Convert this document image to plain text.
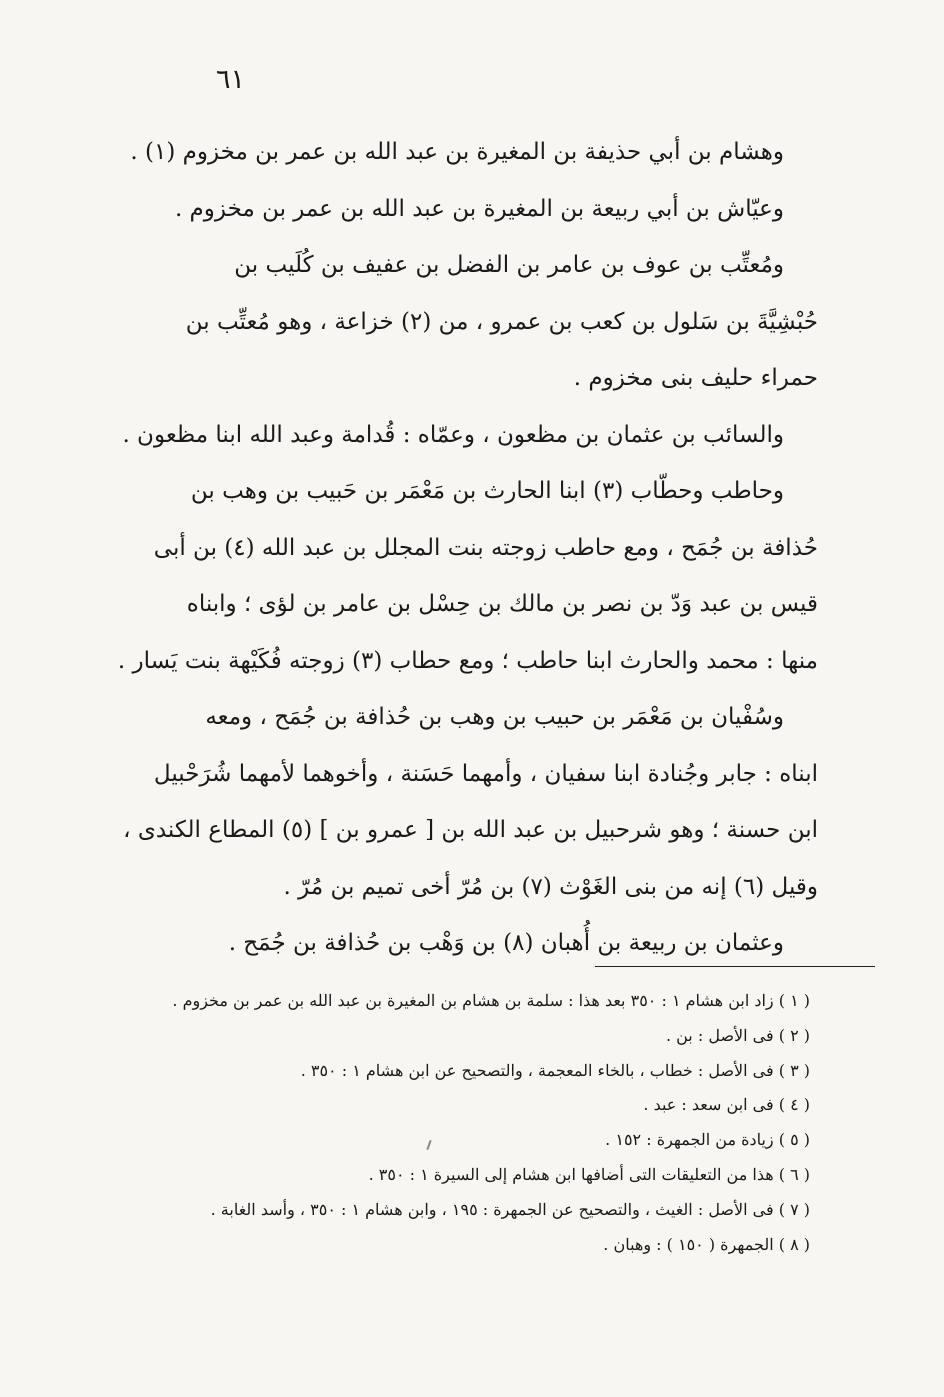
٦١
وهشام بن أبي حذيفة بن المغيرة بن عبد الله بن عمر بن مخزوم (١) .
وعيّاش بن أبي ربيعة بن المغيرة بن عبد الله بن عمر بن مخزوم .
ومُعتِّب بن عوف بن عامر بن الفضل بن عفيف بن كُلَيب بن
حُبْشِيَّةَ بن سَلول بن كعب بن عمرو ، من (٢) خزاعة ، وهو مُعتِّب بن
حمراء حليف بنى مخزوم .
والسائب بن عثمان بن مظعون ، وعمّاه : قُدامة وعبد الله ابنا مظعون .
وحاطب وحطّاب (٣) ابنا الحارث بن مَعْمَر بن حَبيب بن وهب بن
حُذافة بن جُمَح ، ومع حاطب زوجته بنت المجلل بن عبد الله (٤) بن أبى
قيس بن عبد وَدّ بن نصر بن مالك بن حِسْل بن عامر بن لؤى ؛ وابناه
منها : محمد والحارث ابنا حاطب ؛ ومع حطاب (٣) زوجته فُكَيْهة بنت يَسار .
وسُفْيان بن مَعْمَر بن حبيب بن وهب بن حُذافة بن جُمَح ، ومعه
ابناه : جابر وجُنادة ابنا سفيان ، وأمهما حَسَنة ، وأخوهما لأمهما شُرَحْبيل
ابن حسنة ؛ وهو شرحبيل بن عبد الله بن [ عمرو بن ] (٥) المطاع الكندى ،
وقيل (٦) إنه من بنى الغَوْث (٧) بن مُرّ أخى تميم بن مُرّ .
وعثمان بن ربيعة بن أُهبان (٨) بن وَهْب بن حُذافة بن جُمَح .
( ١ ) زاد ابن هشام ١ : ٣٥٠ بعد هذا : سلمة بن هشام بن المغيرة بن عبد الله بن عمر بن مخزوم .
( ٢ ) فى الأصل : بن .
( ٣ ) فى الأصل : خطاب ، بالخاء المعجمة ، والتصحيح عن ابن هشام ١ : ٣٥٠ .
( ٤ ) فى ابن سعد : عبد .
( ٥ ) زيادة من الجمهرة : ١٥٢ .
( ٦ ) هذا من التعليقات التى أضافها ابن هشام إلى السيرة ١ : ٣٥٠ .
( ٧ ) فى الأصل : الغيث ، والتصحيح عن الجمهرة : ١٩٥ ، وابن هشام ١ : ٣٥٠ ، وأسد الغابة .
( ٨ ) الجمهرة ( ١٥٠ ) : وهبان .
